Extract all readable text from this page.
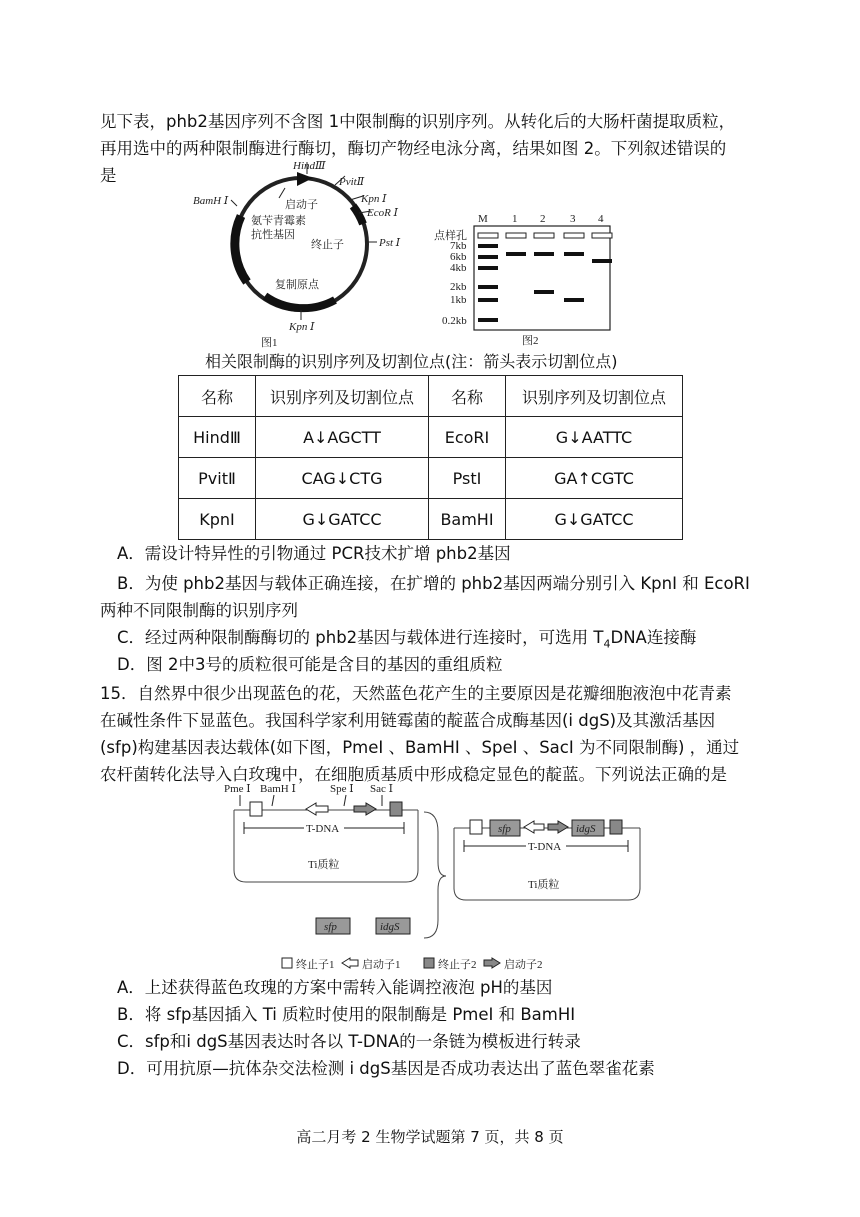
见下表，phb2基因序列不含图 1中限制酶的识别序列。从转化后的大肠杆菌提取质粒，
再用选中的两种限制酶进行酶切，酶切产物经电泳分离，结果如图 2。下列叙述错误的
是	HindⅢ
PvitⅡ
Kpn Ⅰ
EcoR Ⅰ
Pst Ⅰ
BamH Ⅰ
Kpn Ⅰ
启动子
氨苄青霉素
抗性基因
终止子
复制原点
图1
M 1 2 3 4
点样孔
7kb
6kb
4kb
2kb
1kb
0.2kb
图2
相关限制酶的识别序列及切割位点(注：箭头表示切割位点)
名称	识别序列及切割位点	名称	识别序列及切割位点
HindⅢ	A↓AGCTT	EcoRI	G↓AATTC
PvitⅡ	CAG↓CTG	PstI	GA↑CGTC
KpnⅠ	G↓GATCC	BamHI	G↓GATCC
A．需设计特异性的引物通过 PCR技术扩增 phb2基因
B．为使 phb2基因与载体正确连接，在扩增的 phb2基因两端分别引入 KpnⅠ 和 EcoRⅠ
两种不同限制酶的识别序列
C．经过两种限制酶酶切的 phb2基因与载体进行连接时，可选用 $T_4DNA$连接酶
D．图 2中3号的质粒很可能是含目的基因的重组质粒
15．自然界中很少出现蓝色的花，天然蓝色花产生的主要原因是花瓣细胞液泡中花青素
在碱性条件下显蓝色。我国科学家利用链霉菌的靛蓝合成酶基因(i dgS)及其激活基因
(sfp)构建基因表达载体(如下图，PmeⅠ 、BamHⅠ 、SpeⅠ 、SacⅠ 为不同限制酶) ，通过
农杆菌转化法导入白玫瑰中，在细胞质基质中形成稳定显色的靛蓝。下列说法正确的是
Pme Ⅰ BamH Ⅰ	Spe Ⅰ Sac Ⅰ
T-DNA
Ti质粒
sfp	idgS
sfp	idgS
T-DNA
Ti质粒
终止子1	启动子1	终止子2	启动子2
A．上述获得蓝色玫瑰的方案中需转入能调控液泡 pH的基因
B．将 sfp基因插入 Ti 质粒时使用的限制酶是 PmeⅠ 和 BamHⅠ
C．sfp和i dgS基因表达时各以 T-DNA的一条链为模板进行转录
D．可用抗原—抗体杂交法检测 i dgS基因是否成功表达出了蓝色翠雀花素
高二月考 2 生物学试题第 7 页，共 8 页
